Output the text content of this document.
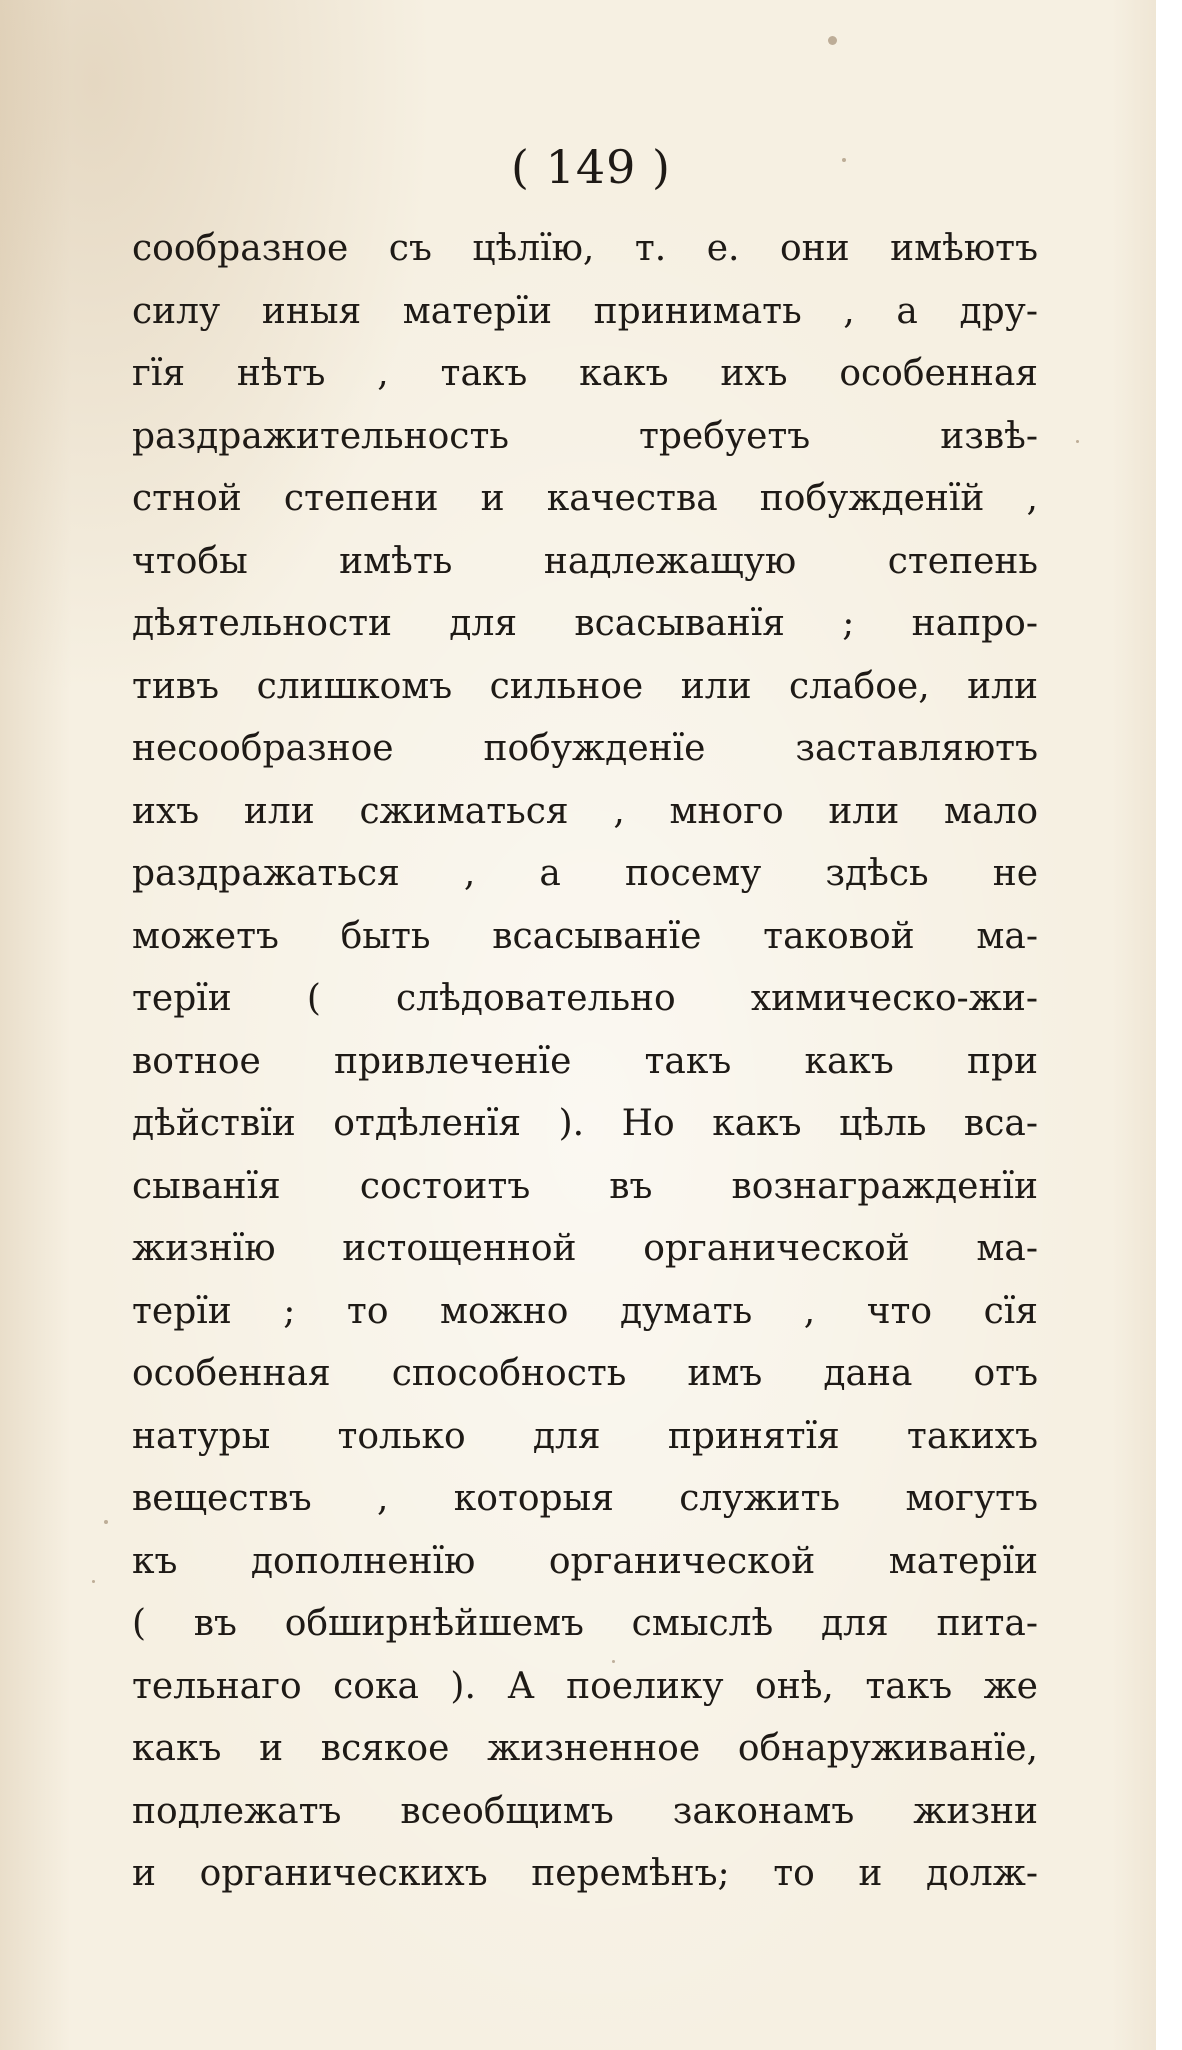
( 149 )
сообразное съ цѣлїю, т. е. они имѣютъ
силу иныя матерїи принимать , а дру-
гїя нѣтъ , такъ какъ ихъ особенная
раздражительность требуетъ извѣ-
стной степени и качества побужденїй ,
чтобы имѣть надлежащую степень
дѣятельности для всасыванїя ; напро-
тивъ слишкомъ сильное или слабое, или
несообразное побужденїе заставляютъ
ихъ или сжиматься , много или мало
раздражаться , а посему здѣсь не
можетъ быть всасыванїе таковой ма-
терїи ( слѣдовательно химическо-жи-
вотное привлеченїе такъ какъ при
дѣйствїи отдѣленїя ). Но какъ цѣль вса-
сыванїя состоитъ въ вознагражденїи
жизнїю истощенной органической ма-
терїи ; то можно думать , что сїя
особенная способность имъ дана отъ
натуры только для принятїя такихъ
веществъ , которыя служить могутъ
къ дополненїю органической матерїи
( въ обширнѣйшемъ смыслѣ для пита-
тельнаго сока ). А поелику онѣ, такъ же
какъ и всякое жизненное обнаруживанїе,
подлежатъ всеобщимъ законамъ жизни
и органическихъ перемѣнъ; то и долж-
